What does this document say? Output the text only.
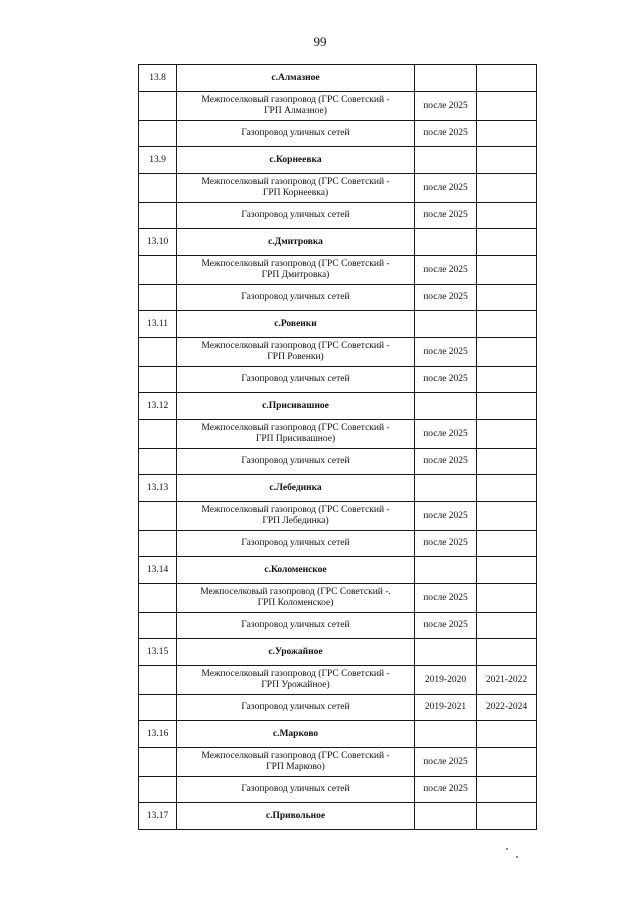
99
13.8	с.Алмазное		

	Межпоселковый газопровод (ГРС Советский -
ГРП Алмазное)	после 2025	
	Газопровод уличных сетей	после 2025	
13.9	с.Корнеевка		

	Межпоселковый газопровод (ГРС Советский -
ГРП Корнеевка)	после 2025	
	Газопровод уличных сетей	после 2025	
13.10	с.Дмитровка		

	Межпоселковый газопровод (ГРС Советский -
ГРП Дмитровка)	после 2025	
	Газопровод уличных сетей	после 2025	
13.11	с.Ровенки		

	Межпоселковый газопровод (ГРС Советский -
ГРП Ровенки)	после 2025	
	Газопровод уличных сетей	после 2025	
13.12	с.Присивашное		

	Межпоселковый газопровод (ГРС Советский -
ГРП Присивашное)	после 2025	
	Газопровод уличных сетей	после 2025	
13.13	с.Лебединка		

	Межпоселковый газопровод (ГРС Советский -
ГРП Лебединка)	после 2025	
	Газопровод уличных сетей	после 2025	
13.14	с.Коломенское		

	Межпоселковый газопровод (ГРС Советский -.
ГРП Коломенское)	после 2025	
	Газопровод уличных сетей	после 2025	
13.15	с.Урожайное		

	Межпоселковый газопровод (ГРС Советский -
ГРП Урожайное)	2019-2020	2021-2022
	Газопровод уличных сетей	2019-2021	2022-2024
13.16	с.Марково		

	Межпоселковый газопровод (ГРС Советский -
ГРП Марково)	после 2025	
	Газопровод уличных сетей	после 2025	
13.17	с.Привольное		
